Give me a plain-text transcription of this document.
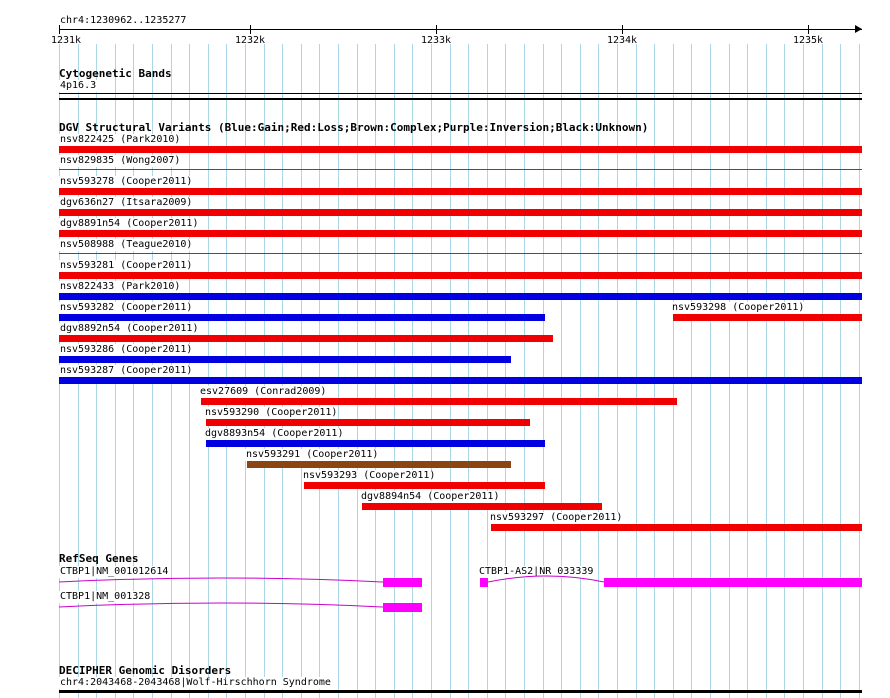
chr4:1230962..1235277
1231k	1232k	1233k	1234k	1235k
Cytogenetic Bands
4p16.3
DGV Structural Variants (Blue:Gain;Red:Loss;Brown:Complex;Purple:Inversion;Black:Unknown)
nsv822425 (Park2010)
nsv829835 (Wong2007)
nsv593278 (Cooper2011)
dgv636n27 (Itsara2009)
dgv8891n54 (Cooper2011)
nsv508988 (Teague2010)
nsv593281 (Cooper2011)
nsv822433 (Park2010)
nsv593282 (Cooper2011)	nsv593298 (Cooper2011)
dgv8892n54 (Cooper2011)
nsv593286 (Cooper2011)
nsv593287 (Cooper2011)
esv27609 (Conrad2009)
nsv593290 (Cooper2011)
dgv8893n54 (Cooper2011)
nsv593291 (Cooper2011)
nsv593293 (Cooper2011)
dgv8894n54 (Cooper2011)
nsv593297 (Cooper2011)
RefSeq Genes
CTBP1|NM_001012614	CTBP1-AS2|NR_033339
CTBP1|NM_001328
DECIPHER Genomic Disorders
chr4:2043468-2043468|Wolf-Hirschhorn Syndrome
